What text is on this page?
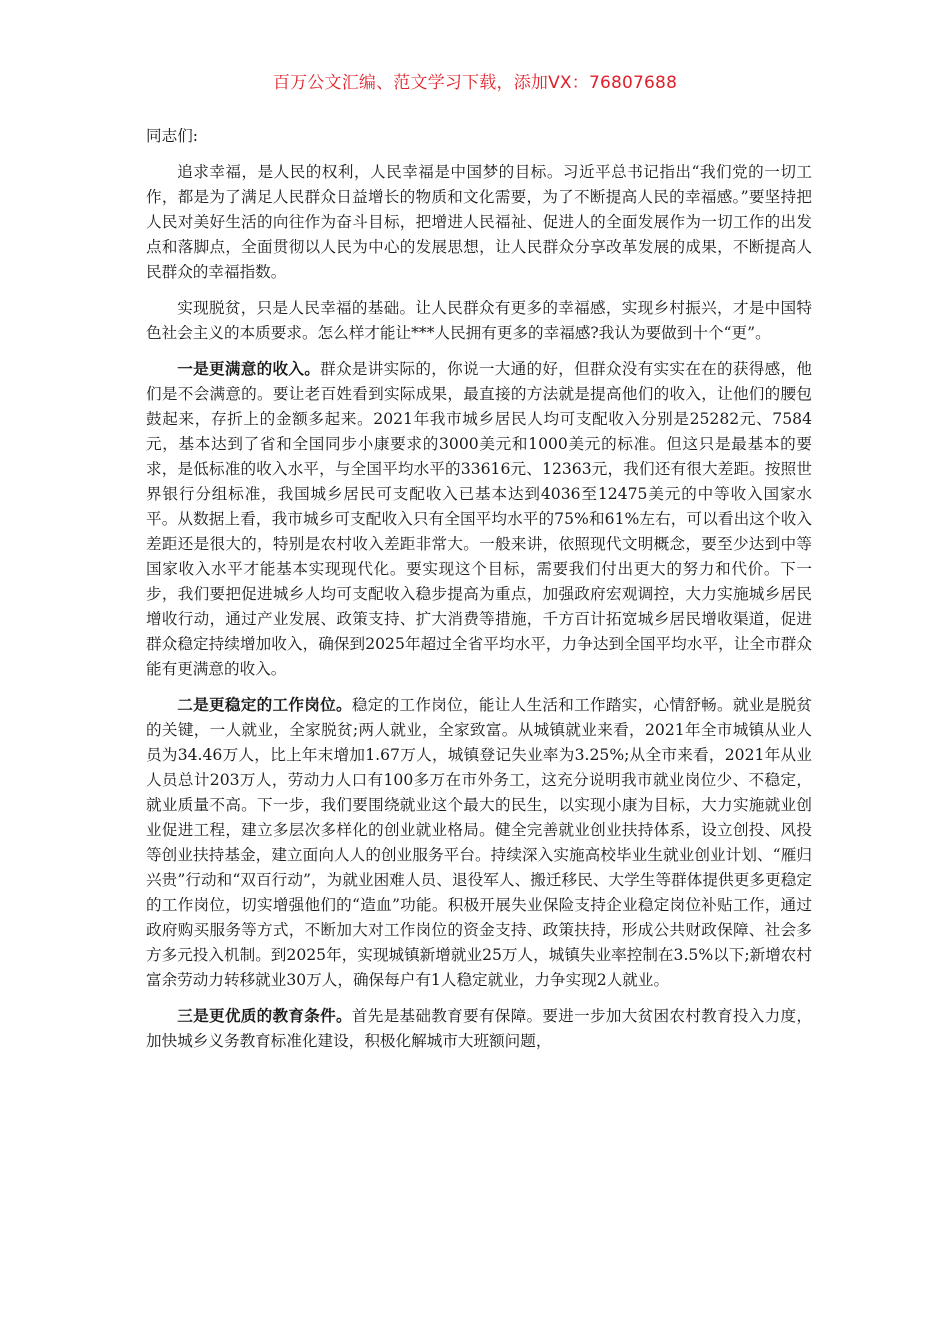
百万公文汇编、范文学习下载，添加VX：76807688

同志们:

追求幸福，是人民的权利，人民幸福是中国梦的目标。习近平总书记指出“我们党的一切工作，都是为了满足人民群众日益增长的物质和文化需要，为了不断提高人民的幸福感。”要坚持把人民对美好生活的向往作为奋斗目标，把增进人民福祉、促进人的全面发展作为一切工作的出发点和落脚点，全面贯彻以人民为中心的发展思想，让人民群众分享改革发展的成果，不断提高人民群众的幸福指数。

实现脱贫，只是人民幸福的基础。让人民群众有更多的幸福感，实现乡村振兴，才是中国特色社会主义的本质要求。怎么样才能让***人民拥有更多的幸福感?我认为要做到十个“更”。

一是更满意的收入。群众是讲实际的，你说一大通的好，但群众没有实实在在的获得感，他们是不会满意的。要让老百姓看到实际成果，最直接的方法就是提高他们的收入，让他们的腰包鼓起来，存折上的金额多起来。2021年我市城乡居民人均可支配收入分别是25282元、7584元，基本达到了省和全国同步小康要求的3000美元和1000美元的标准。但这只是最基本的要求，是低标准的收入水平，与全国平均水平的33616元、12363元，我们还有很大差距。按照世界银行分组标准，我国城乡居民可支配收入已基本达到4036至12475美元的中等收入国家水平。从数据上看，我市城乡可支配收入只有全国平均水平的75%和61%左右，可以看出这个收入差距还是很大的，特别是农村收入差距非常大。一般来讲，依照现代文明概念，要至少达到中等国家收入水平才能基本实现现代化。要实现这个目标，需要我们付出更大的努力和代价。下一步，我们要把促进城乡人均可支配收入稳步提高为重点，加强政府宏观调控，大力实施城乡居民增收行动，通过产业发展、政策支持、扩大消费等措施，千方百计拓宽城乡居民增收渠道，促进群众稳定持续增加收入，确保到2025年超过全省平均水平，力争达到全国平均水平，让全市群众能有更满意的收入。

二是更稳定的工作岗位。稳定的工作岗位，能让人生活和工作踏实，心情舒畅。就业是脱贫的关键，一人就业，全家脱贫;两人就业，全家致富。从城镇就业来看，2021年全市城镇从业人员为34.46万人，比上年末增加1.67万人，城镇登记失业率为3.25%;从全市来看，2021年从业人员总计203万人，劳动力人口有100多万在市外务工，这充分说明我市就业岗位少、不稳定，就业质量不高。下一步，我们要围绕就业这个最大的民生，以实现小康为目标，大力实施就业创业促进工程，建立多层次多样化的创业就业格局。健全完善就业创业扶持体系，设立创投、风投等创业扶持基金，建立面向人人的创业服务平台。持续深入实施高校毕业生就业创业计划、“雁归兴贵”行动和“双百行动”，为就业困难人员、退役军人、搬迁移民、大学生等群体提供更多更稳定的工作岗位，切实增强他们的“造血”功能。积极开展失业保险支持企业稳定岗位补贴工作，通过政府购买服务等方式，不断加大对工作岗位的资金支持、政策扶持，形成公共财政保障、社会多方多元投入机制。到2025年，实现城镇新增就业25万人，城镇失业率控制在3.5%以下;新增农村富余劳动力转移就业30万人，确保每户有1人稳定就业，力争实现2人就业。

三是更优质的教育条件。首先是基础教育要有保障。要进一步加大贫困农村教育投入力度，加快城乡义务教育标准化建设，积极化解城市大班额问题，
